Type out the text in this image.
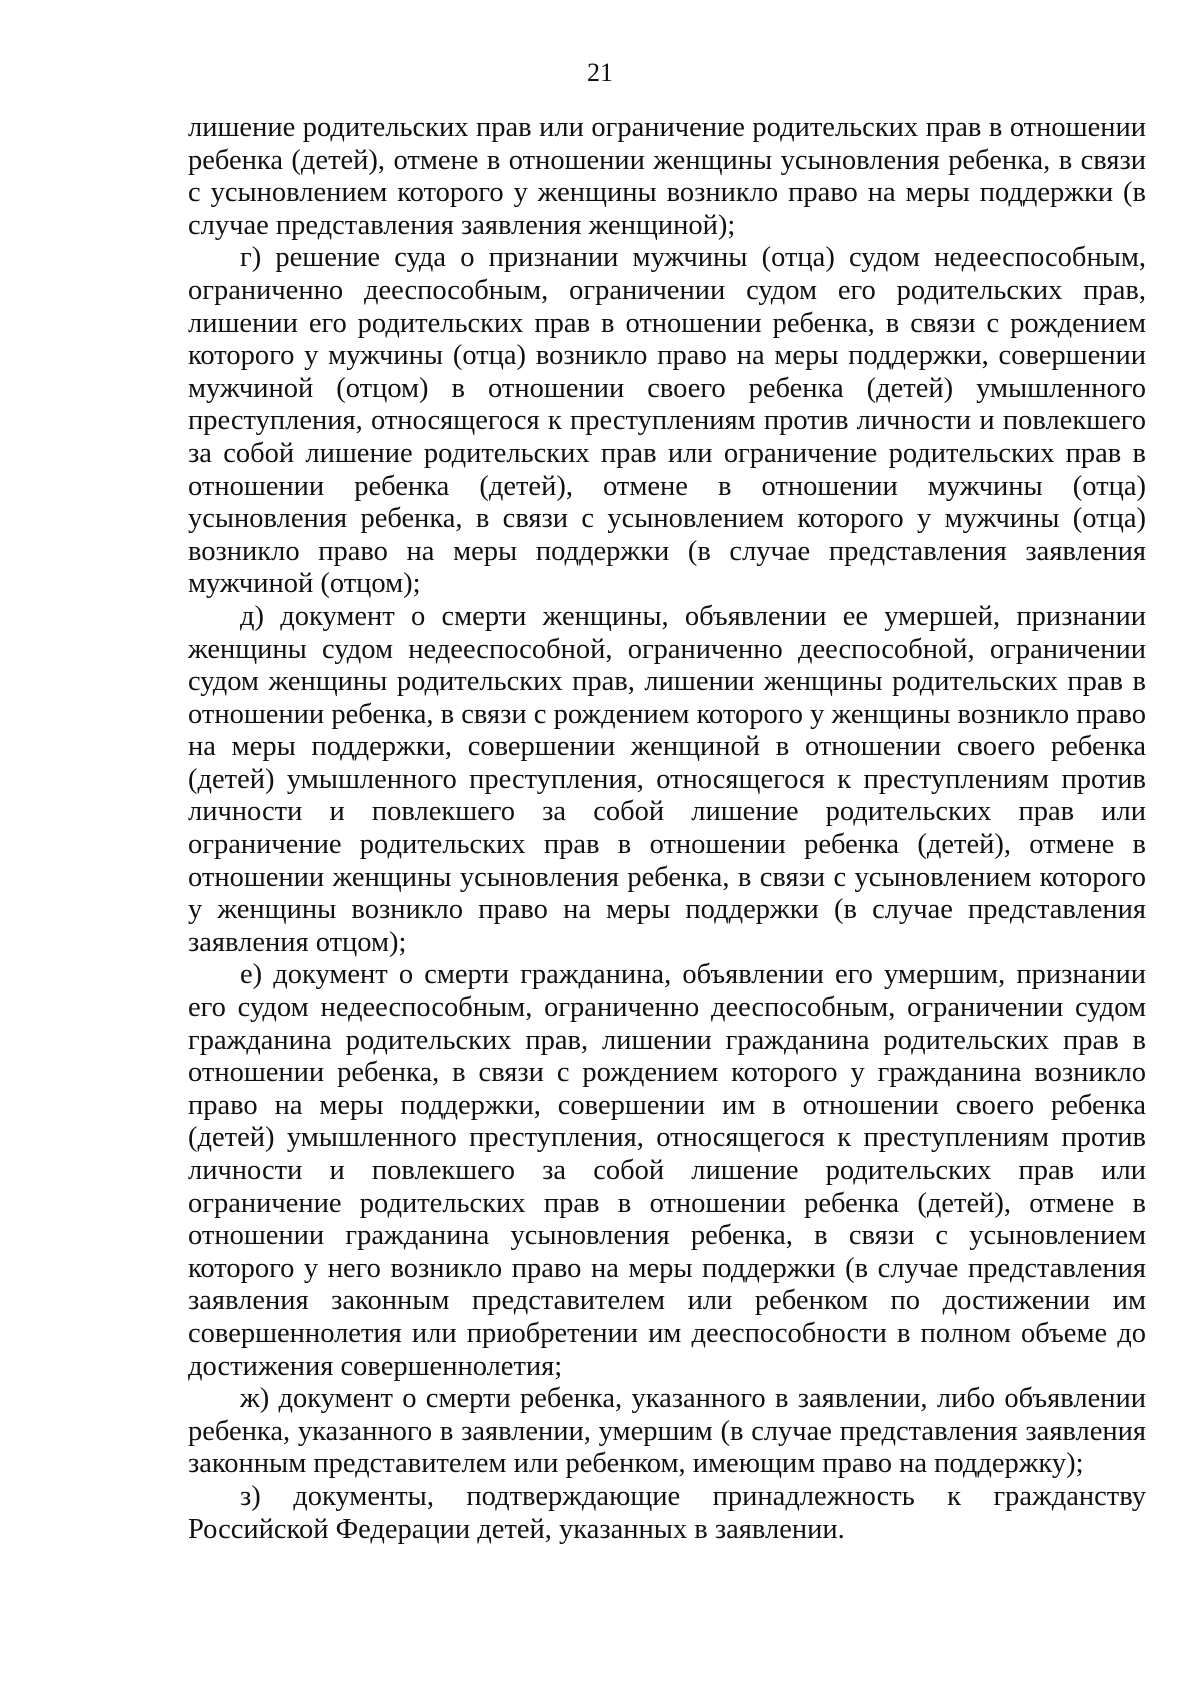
21

лишение родительских прав или ограничение родительских прав в отношении ребенка (детей), отмене в отношении женщины усыновления ребенка, в связи с усыновлением которого у женщины возникло право на меры поддержки (в случае представления заявления женщиной);

г) решение суда о признании мужчины (отца) судом недееспособным, ограниченно дееспособным, ограничении судом его родительских прав, лишении его родительских прав в отношении ребенка, в связи с рождением которого у мужчины (отца) возникло право на меры поддержки, совершении мужчиной (отцом) в отношении своего ребенка (детей) умышленного преступления, относящегося к преступлениям против личности и повлекшего за собой лишение родительских прав или ограничение родительских прав в отношении ребенка (детей), отмене в отношении мужчины (отца) усыновления ребенка, в связи с усыновлением которого у мужчины (отца) возникло право на меры поддержки (в случае представления заявления мужчиной (отцом);

д) документ о смерти женщины, объявлении ее умершей, признании женщины судом недееспособной, ограниченно дееспособной, ограничении судом женщины родительских прав, лишении женщины родительских прав в отношении ребенка, в связи с рождением которого у женщины возникло право на меры поддержки, совершении женщиной в отношении своего ребенка (детей) умышленного преступления, относящегося к преступлениям против личности и повлекшего за собой лишение родительских прав или ограничение родительских прав в отношении ребенка (детей), отмене в отношении женщины усыновления ребенка, в связи с усыновлением которого у женщины возникло право на меры поддержки (в случае представления заявления отцом);

е) документ о смерти гражданина, объявлении его умершим, признании его судом недееспособным, ограниченно дееспособным, ограничении судом гражданина родительских прав, лишении гражданина родительских прав в отношении ребенка, в связи с рождением которого у гражданина возникло право на меры поддержки, совершении им в отношении своего ребенка (детей) умышленного преступления, относящегося к преступлениям против личности и повлекшего за собой лишение родительских прав или ограничение родительских прав в отношении ребенка (детей), отмене в отношении гражданина усыновления ребенка, в связи с усыновлением которого у него возникло право на меры поддержки (в случае представления заявления законным представителем или ребенком по достижении им совершеннолетия или приобретении им дееспособности в полном объеме до достижения совершеннолетия;

ж) документ о смерти ребенка, указанного в заявлении, либо объявлении ребенка, указанного в заявлении, умершим (в случае представления заявления законным представителем или ребенком, имеющим право на поддержку);

з) документы, подтверждающие принадлежность к гражданству Российской Федерации детей, указанных в заявлении.
